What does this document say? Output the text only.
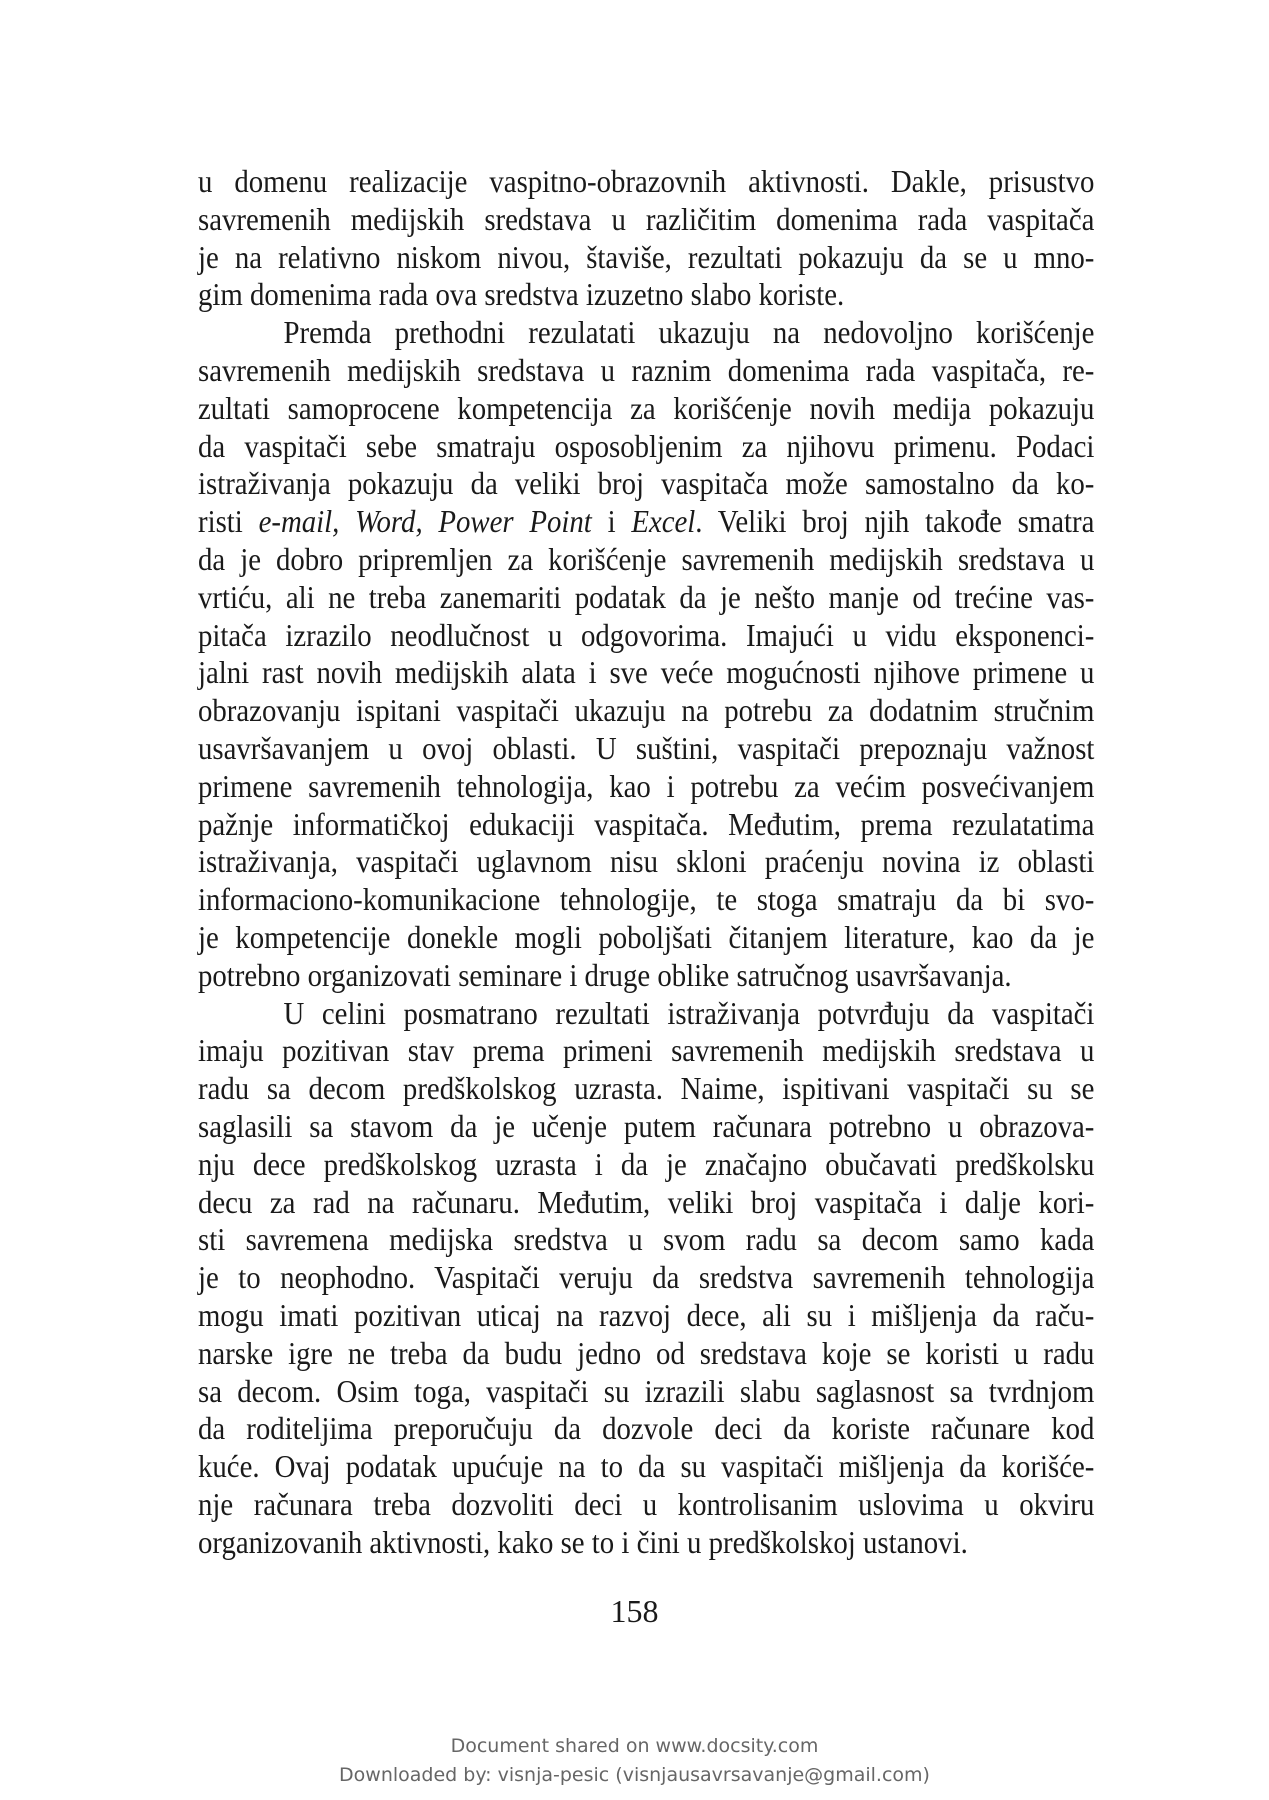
u domenu realizacije vaspitno-obrazovnih aktivnosti. Dakle, prisustvo
savremenih medijskih sredstava u različitim domenima rada vaspitača
je na relativno niskom nivou, štaviše, rezultati pokazuju da se u mno-
gim domenima rada ova sredstva izuzetno slabo koriste.
Premda prethodni rezulatati ukazuju na nedovoljno korišćenje
savremenih medijskih sredstava u raznim domenima rada vaspitača, re-
zultati samoprocene kompetencija za korišćenje novih medija pokazuju
da vaspitači sebe smatraju osposobljenim za njihovu primenu. Podaci
istraživanja pokazuju da veliki broj vaspitača može samostalno da ko-
risti e-mail, Word, Power Point i Excel. Veliki broj njih takođe smatra
da je dobro pripremljen za korišćenje savremenih medijskih sredstava u
vrtiću, ali ne treba zanemariti podatak da je nešto manje od trećine vas-
pitača izrazilo neodlučnost u odgovorima. Imajući u vidu eksponenci-
jalni rast novih medijskih alata i sve veće mogućnosti njihove primene u
obrazovanju ispitani vaspitači ukazuju na potrebu za dodatnim stručnim
usavršavanjem u ovoj oblasti. U suštini, vaspitači prepoznaju važnost
primene savremenih tehnologija, kao i potrebu za većim posvećivanjem
pažnje informatičkoj edukaciji vaspitača. Međutim, prema rezulatatima
istraživanja, vaspitači uglavnom nisu skloni praćenju novina iz oblasti
informaciono-komunikacione tehnologije, te stoga smatraju da bi svo-
je kompetencije donekle mogli poboljšati čitanjem literature, kao da je
potrebno organizovati seminare i druge oblike satručnog usavršavanja.
U celini posmatrano rezultati istraživanja potvrđuju da vaspitači
imaju pozitivan stav prema primeni savremenih medijskih sredstava u
radu sa decom predškolskog uzrasta. Naime, ispitivani vaspitači su se
saglasili sa stavom da je učenje putem računara potrebno u obrazova-
nju dece predškolskog uzrasta i da je značajno obučavati predškolsku
decu za rad na računaru. Međutim, veliki broj vaspitača i dalje kori-
sti savremena medijska sredstva u svom radu sa decom samo kada
je to neophodno. Vaspitači veruju da sredstva savremenih tehnologija
mogu imati pozitivan uticaj na razvoj dece, ali su i mišljenja da raču-
narske igre ne treba da budu jedno od sredstava koje se koristi u radu
sa decom. Osim toga, vaspitači su izrazili slabu saglasnost sa tvrdnjom
da roditeljima preporučuju da dozvole deci da koriste računare kod
kuće. Ovaj podatak upućuje na to da su vaspitači mišljenja da korišće-
nje računara treba dozvoliti deci u kontrolisanim uslovima u okviru
organizovanih aktivnosti, kako se to i čini u predškolskoj ustanovi.
158
Document shared on www.docsity.com
Downloaded by: visnja-pesic (visnjausavrsavanje@gmail.com)
